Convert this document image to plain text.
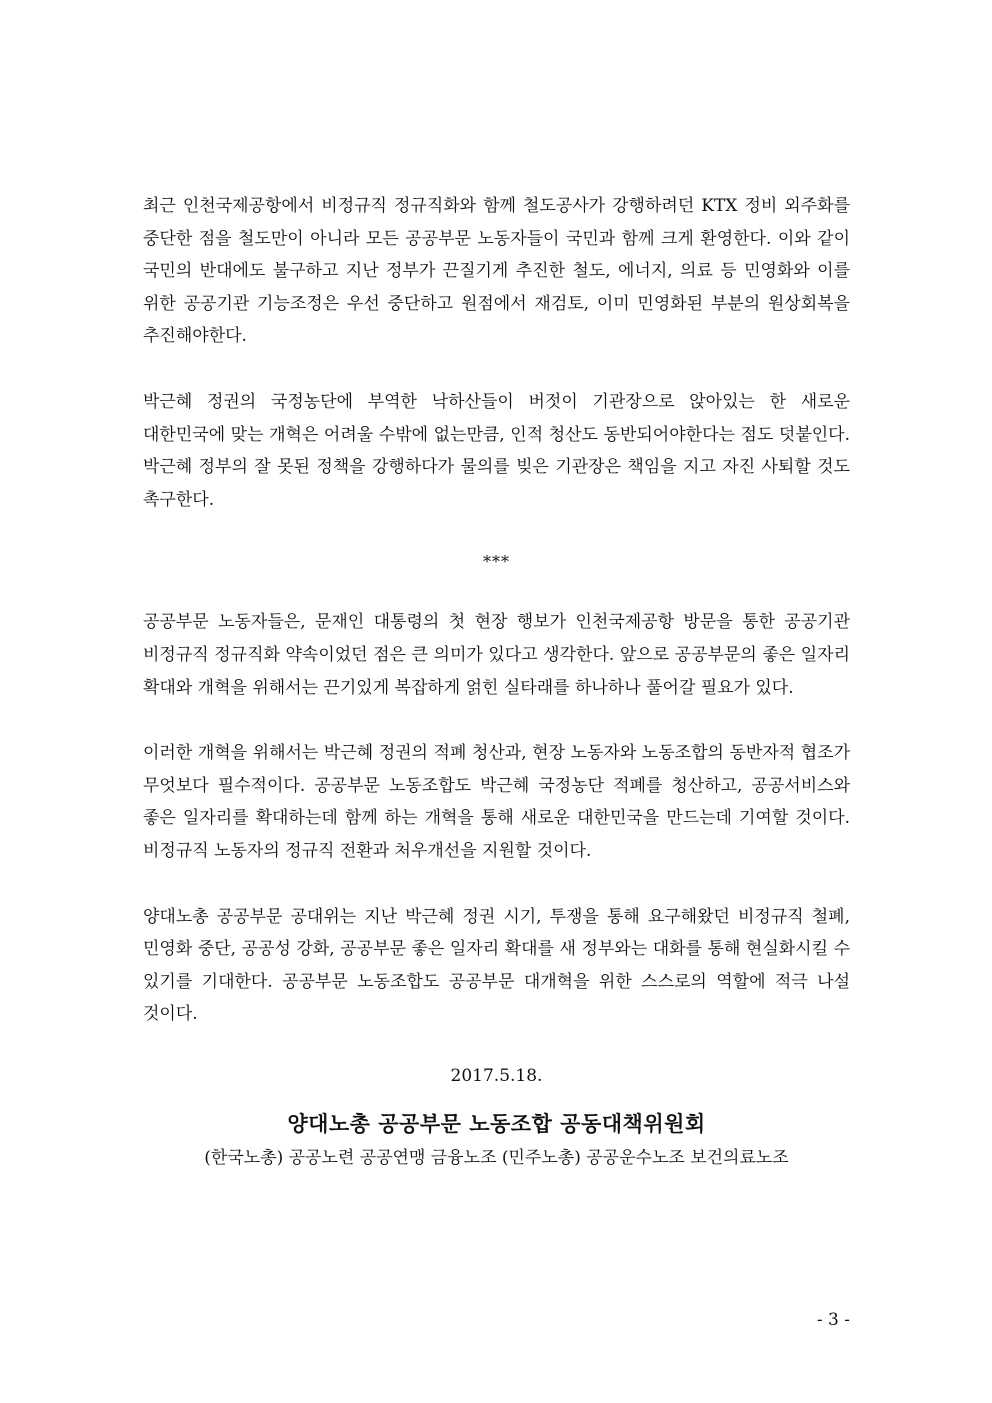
최근 인천국제공항에서 비정규직 정규직화와 함께 철도공사가 강행하려던 KTX 정비 외주화를 중단한 점을 철도만이 아니라 모든 공공부문 노동자들이 국민과 함께 크게 환영한다. 이와 같이 국민의 반대에도 불구하고 지난 정부가 끈질기게 추진한 철도, 에너지, 의료 등 민영화와 이를 위한 공공기관 기능조정은 우선 중단하고 원점에서 재검토, 이미 민영화된 부분의 원상회복을 추진해야한다.

박근혜 정권의 국정농단에 부역한 낙하산들이 버젓이 기관장으로 앉아있는 한 새로운 대한민국에 맞는 개혁은 어려울 수밖에 없는만큼, 인적 청산도 동반되어야한다는 점도 덧붙인다. 박근혜 정부의 잘 못된 정책을 강행하다가 물의를 빚은 기관장은 책임을 지고 자진 사퇴할 것도 촉구한다.

***

공공부문 노동자들은, 문재인 대통령의 첫 현장 행보가 인천국제공항 방문을 통한 공공기관 비정규직 정규직화 약속이었던 점은 큰 의미가 있다고 생각한다. 앞으로 공공부문의 좋은 일자리 확대와 개혁을 위해서는 끈기있게 복잡하게 얽힌 실타래를 하나하나 풀어갈 필요가 있다.

이러한 개혁을 위해서는 박근혜 정권의 적폐 청산과, 현장 노동자와 노동조합의 동반자적 협조가 무엇보다 필수적이다. 공공부문 노동조합도 박근혜 국정농단 적폐를 청산하고, 공공서비스와 좋은 일자리를 확대하는데 함께 하는 개혁을 통해 새로운 대한민국을 만드는데 기여할 것이다. 비정규직 노동자의 정규직 전환과 처우개선을 지원할 것이다.

양대노총 공공부문 공대위는 지난 박근혜 정권 시기, 투쟁을 통해 요구해왔던 비정규직 철폐, 민영화 중단, 공공성 강화, 공공부문 좋은 일자리 확대를 새 정부와는 대화를 통해 현실화시킬 수 있기를 기대한다. 공공부문 노동조합도 공공부문 대개혁을 위한 스스로의 역할에 적극 나설 것이다.

2017.5.18.
양대노총 공공부문 노동조합 공동대책위원회
(한국노총) 공공노련 공공연맹 금융노조 (민주노총) 공공운수노조 보건의료노조
- 3 -
